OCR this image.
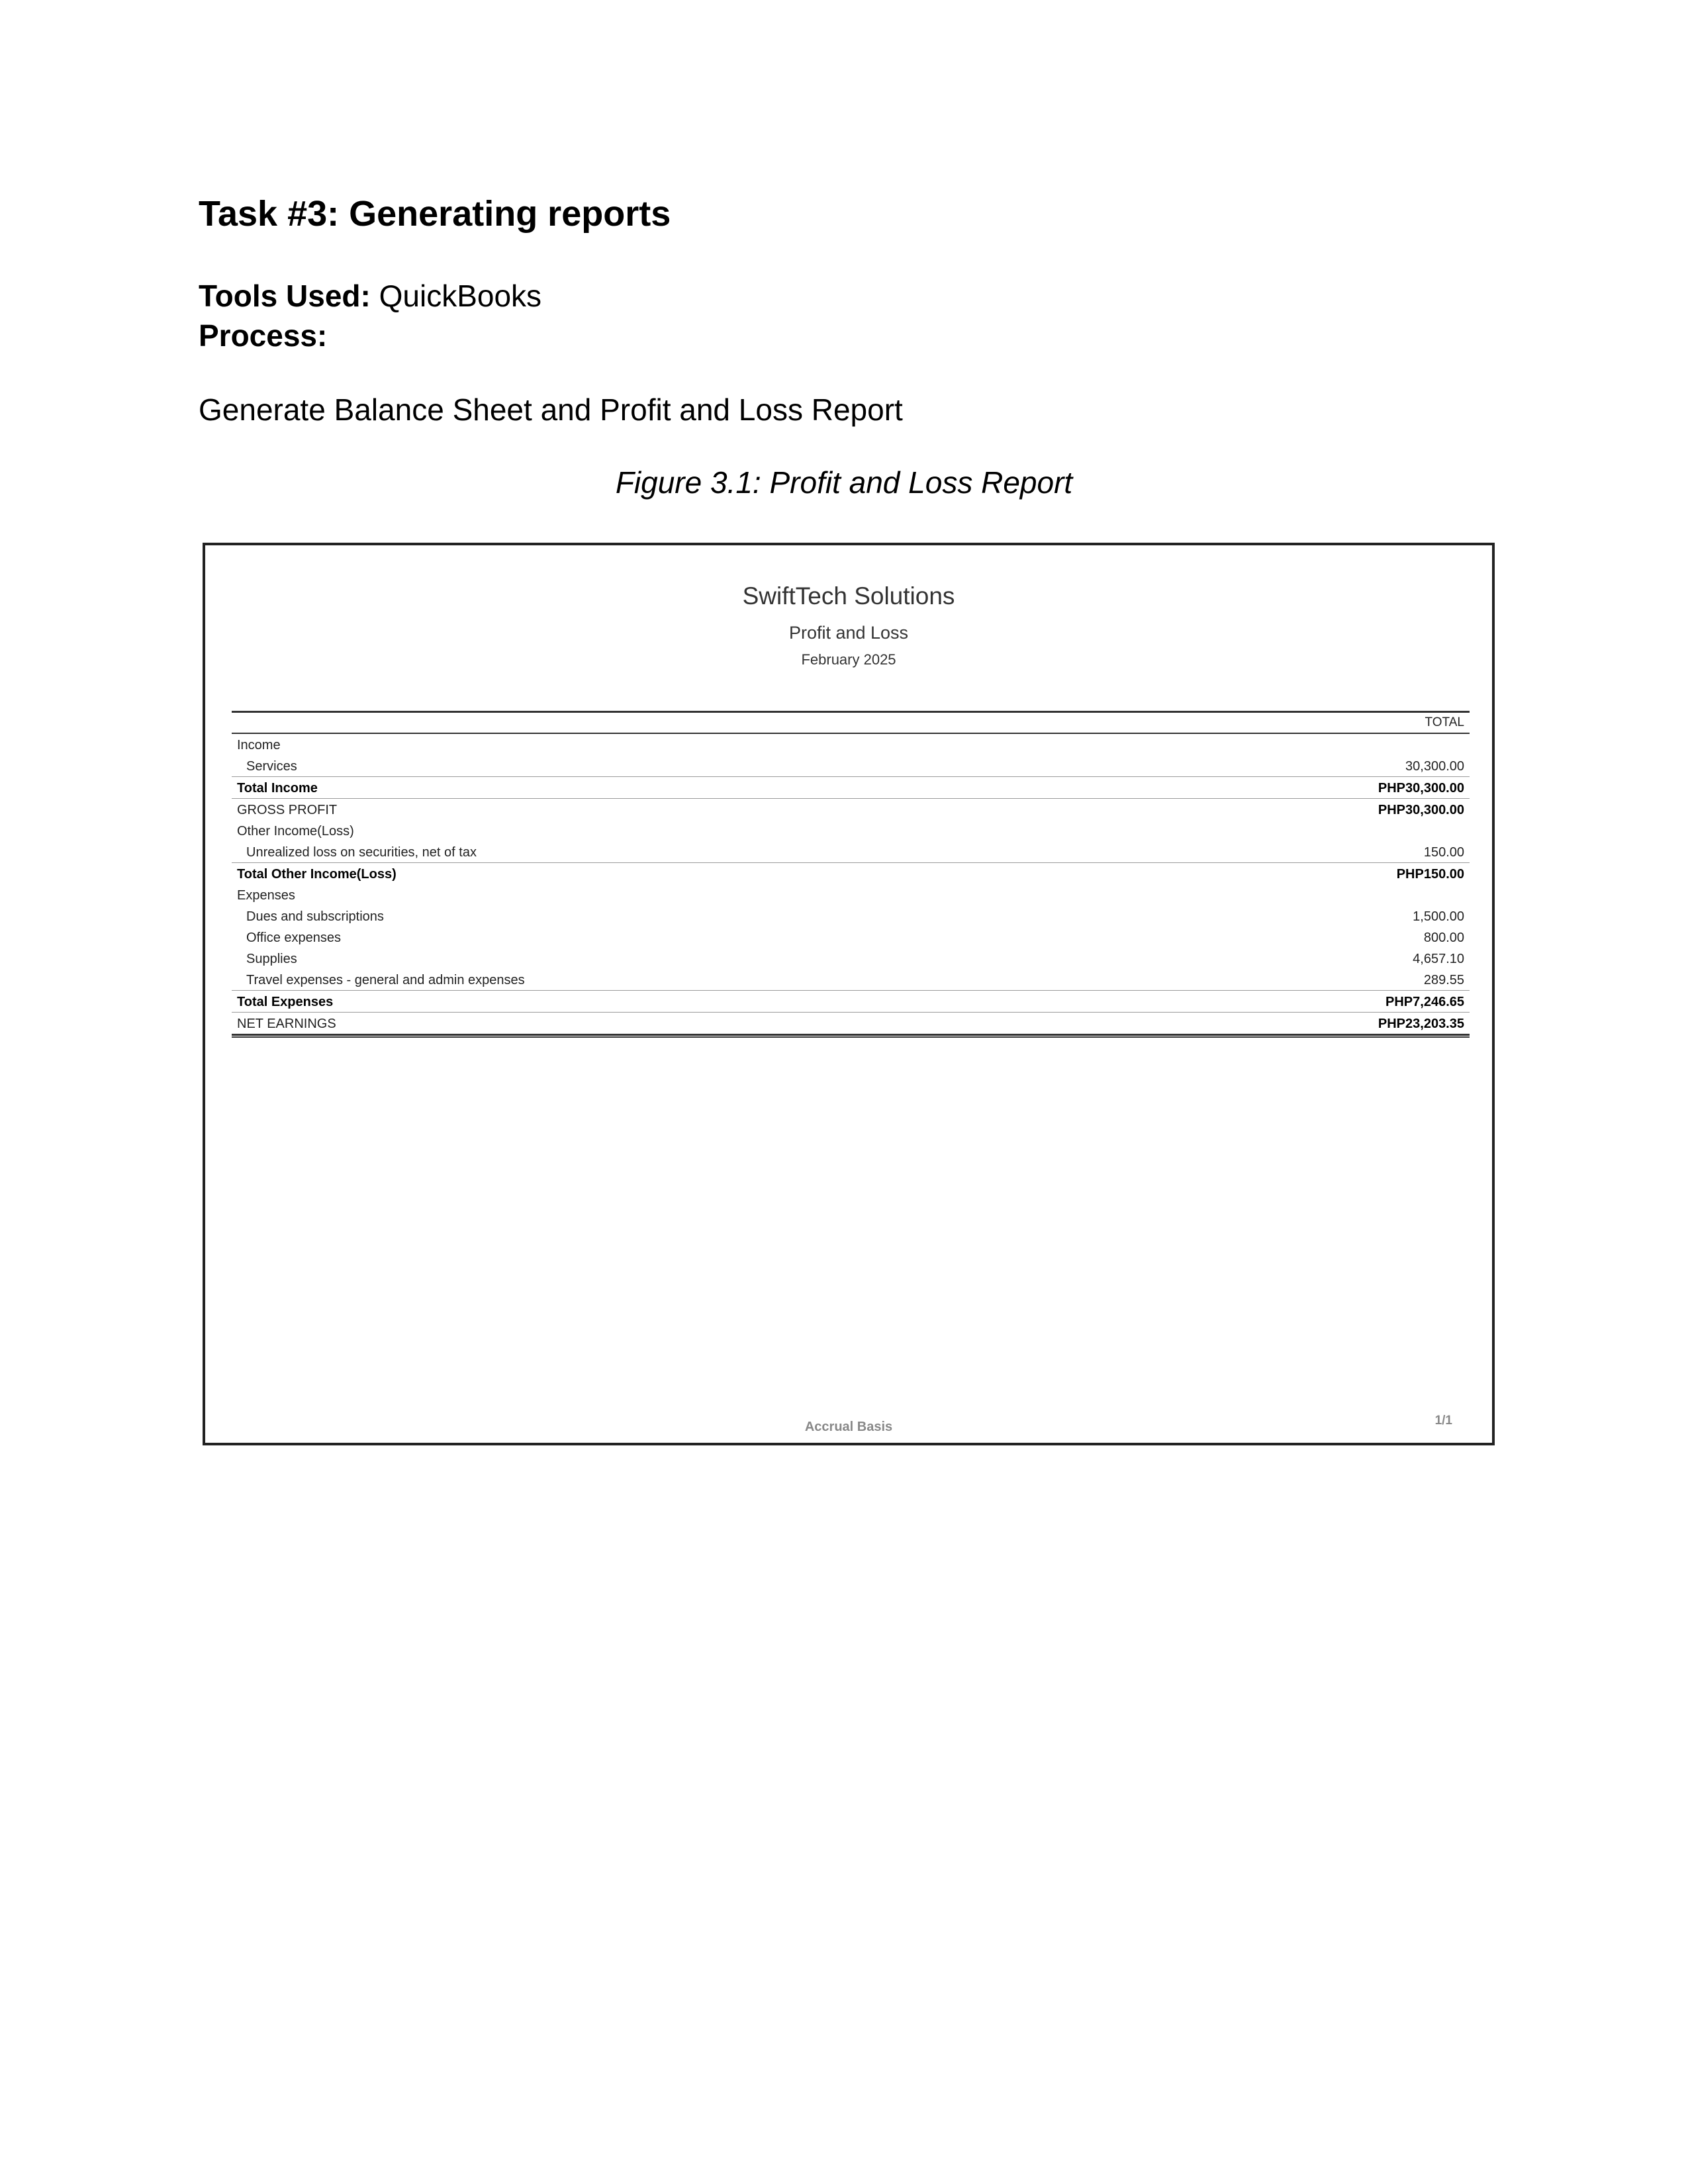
Task #3: Generating reports
Tools Used: QuickBooks
Process:
Generate Balance Sheet and Profit and Loss Report
Figure 3.1: Profit and Loss Report
SwiftTech Solutions
Profit and Loss
February 2025
TOTAL
Income
Services	30,300.00
Total Income	PHP30,300.00
GROSS PROFIT	PHP30,300.00
Other Income(Loss)
Unrealized loss on securities, net of tax	150.00
Total Other Income(Loss)	PHP150.00
Expenses
Dues and subscriptions	1,500.00
Office expenses	800.00
Supplies	4,657.10
Travel expenses - general and admin expenses	289.55
Total Expenses	PHP7,246.65
NET EARNINGS	PHP23,203.35
Accrual Basis	1/1
